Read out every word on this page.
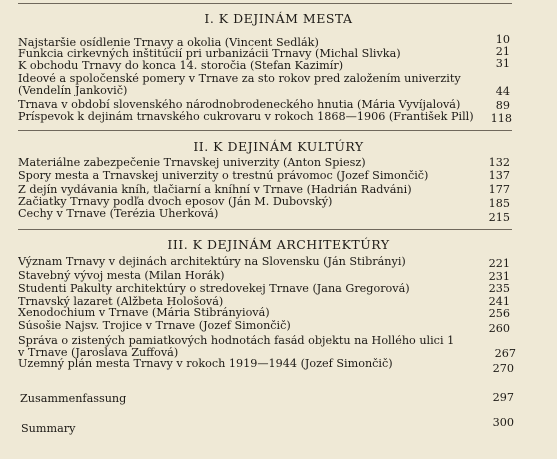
I. K DEJINÁM MESTA
Najstaršie osídlenie Trnavy a okolia (Vincent Sedlák)	10
Funkcia cirkevných inštitúcií pri urbanizácii Trnavy (Michal Slivka)	21
K obchodu Trnavy do konca 14. storočia (Štefan Kazimír)	31
Ideové a spoločenské pomery v Trnave za sto rokov pred založením univerzity
(Vendelín Jankovič)	44
Trnava v období slovenského národnobrodeneckého hnutia (Mária Vyvíjalová)	89
Príspevok k dejinám trnavského cukrovaru v rokoch 1868—1906 (František Pill)	118
II. K DEJINÁM KULTÚRY
Materiálne zabezpečenie Trnavskej univerzity (Anton Špiesz)	132
Spory mesta a Trnavskej univerzity o trestnú právomoc (Jozef Šimončič)	137
Z dejín vydávania kníh, tlačiarní a kníhní v Trnave (Hadrián Radváni)	177
Začiatky Trnavy podľa dvoch eposov (Ján M. Dubovský)	185
Cechy v Trnave (Terézia Uherková)	215
III. K DEJINÁM ARCHITEKTÚRY
Význam Trnavy v dejinách architektúry na Slovensku (Ján Štibrányi)	221
Stavebný vývoj mesta (Milan Horák)	231
Študenti Pakulty architektúry o stredovekej Trnave (Jana Gregorová)	235
Trnavský lazaret (Alžbeta Hološová)	241
Xenodochium v Trnave (Mária Štibrányiová)	256
Súsošie Najsv. Trojice v Trnave (Jozef Šimončič)	260
Správa o zistených pamiatkových hodnotách fasád objektu na Hollého ulici 1
v Trnave (Jaroslava Žuffová)	267
Územný plán mesta Trnavy v rokoch 1919—1944 (Jozef Šimončič)	270
Zusammenfassung	297
Summary	300
